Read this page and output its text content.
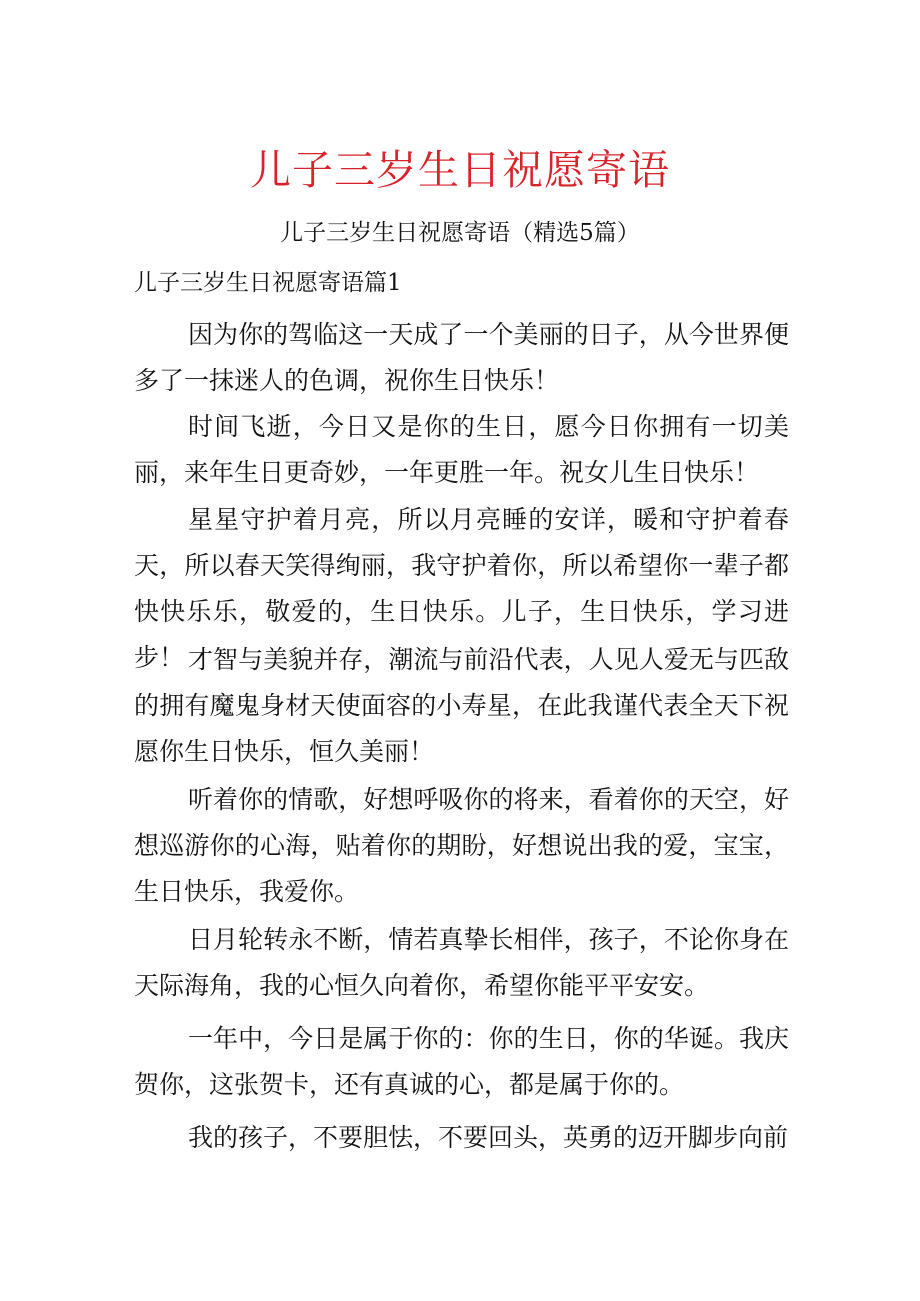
儿子三岁生日祝愿寄语
儿子三岁生日祝愿寄语（精选5篇）
儿子三岁生日祝愿寄语篇1

因为你的驾临这一天成了一个美丽的日子，从今世界便多了一抹迷人的色调，祝你生日快乐！

时间飞逝，今日又是你的生日，愿今日你拥有一切美丽，来年生日更奇妙，一年更胜一年。祝女儿生日快乐！

星星守护着月亮，所以月亮睡的安详，暖和守护着春天，所以春天笑得绚丽，我守护着你，所以希望你一辈子都快快乐乐，敬爱的，生日快乐。儿子，生日快乐，学习进步！ 才智与美貌并存，潮流与前沿代表，人见人爱无与匹敌的拥有魔鬼身材天使面容的小寿星，在此我谨代表全天下祝愿你生日快乐，恒久美丽！

听着你的情歌，好想呼吸你的将来，看着你的天空，好想巡游你的心海，贴着你的期盼，好想说出我的爱，宝宝，生日快乐，我爱你。

日月轮转永不断，情若真挚长相伴，孩子，不论你身在天际海角，我的心恒久向着你，希望你能平平安安。

一年中，今日是属于你的：你的生日，你的华诞。我庆贺你，这张贺卡，还有真诚的心，都是属于你的。

我的孩子，不要胆怯，不要回头，英勇的迈开脚步向前
